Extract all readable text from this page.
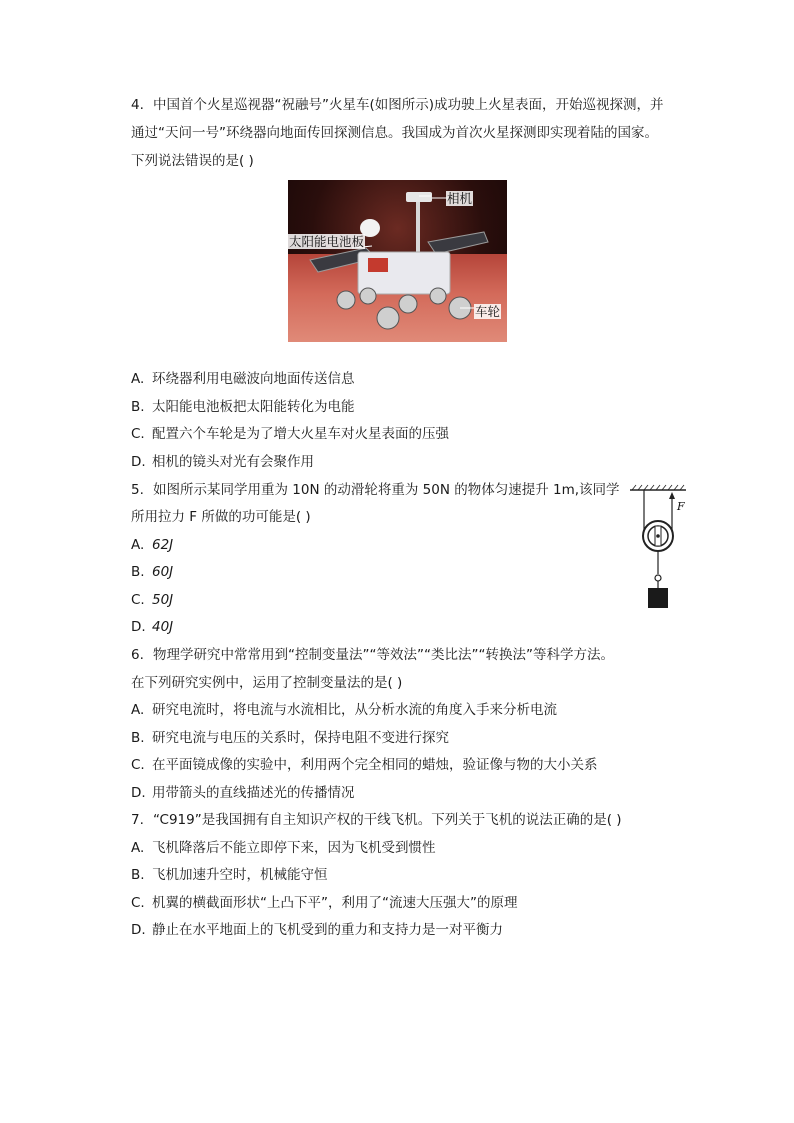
4. 中国首个火星巡视器“祝融号”火星车(如图所示)成功驶上火星表面，开始巡视探测，并
通过“天问一号”环绕器向地面传回探测信息。我国成为首次火星探测即实现着陆的国家。
下列说法错误的是( )
相机
太阳能电池板
车轮
A. 环绕器利用电磁波向地面传送信息
B. 太阳能电池板把太阳能转化为电能
C. 配置六个车轮是为了增大火星车对火星表面的压强
D. 相机的镜头对光有会聚作用
5. 如图所示某同学用重为 10N 的动滑轮将重为 50N 的物体匀速提升 1m,该同学
所用拉力 F 所做的功可能是( )
A. 62J
B. 60J
C. 50J
D. 40J
F
6. 物理学研究中常常用到“控制变量法”“等效法”“类比法”“转换法”等科学方法。
在下列研究实例中，运用了控制变量法的是( )
A. 研究电流时，将电流与水流相比，从分析水流的角度入手来分析电流
B. 研究电流与电压的关系时，保持电阻不变进行探究
C. 在平面镜成像的实验中，利用两个完全相同的蜡烛，验证像与物的大小关系
D. 用带箭头的直线描述光的传播情况
7. “C919”是我国拥有自主知识产权的干线飞机。下列关于飞机的说法正确的是( )
A. 飞机降落后不能立即停下来，因为飞机受到惯性
B. 飞机加速升空时，机械能守恒
C. 机翼的横截面形状“上凸下平”，利用了“流速大压强大”的原理
D. 静止在水平地面上的飞机受到的重力和支持力是一对平衡力
